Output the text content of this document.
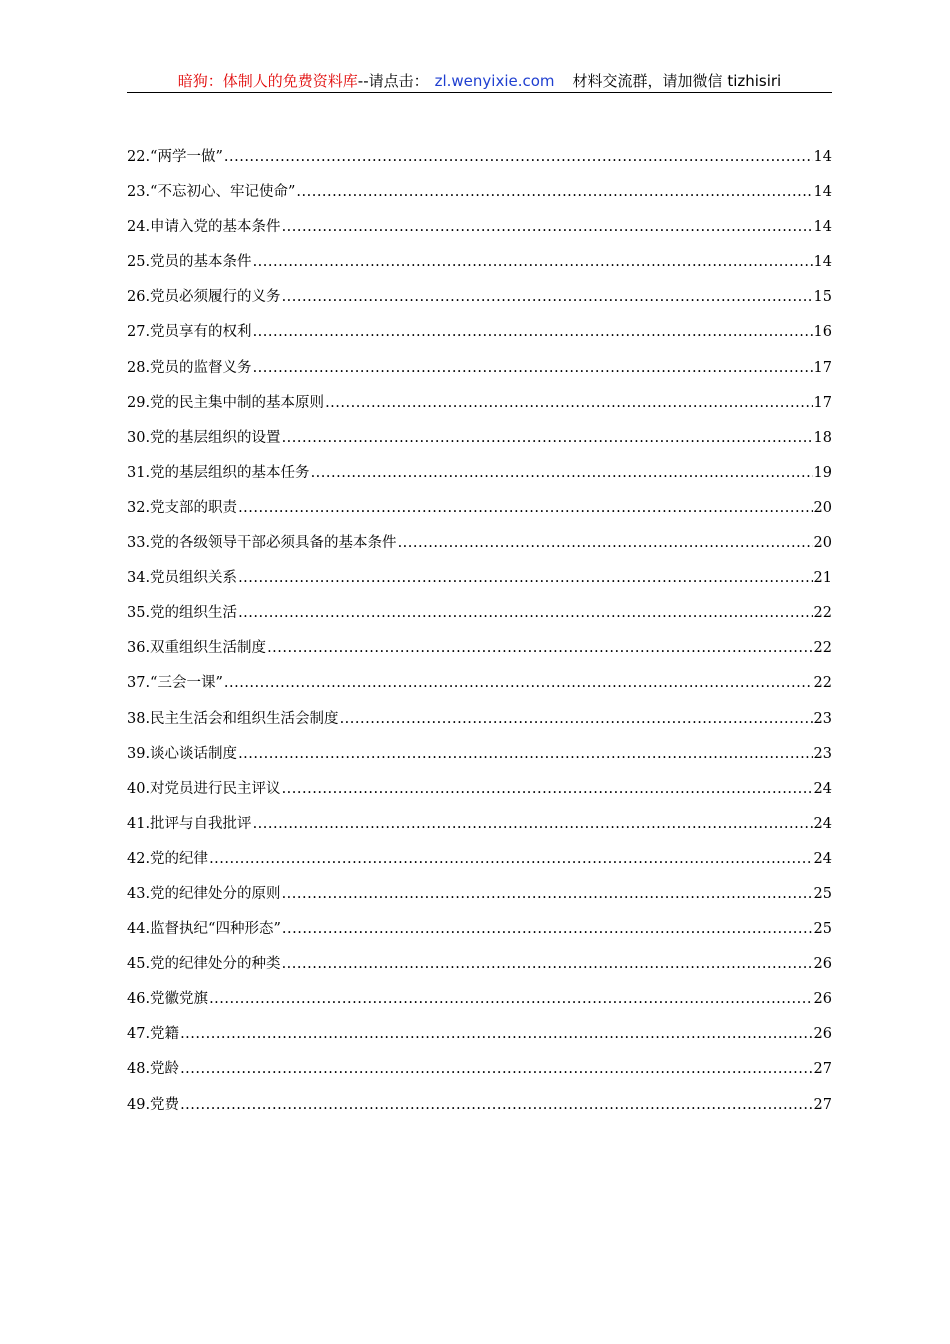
暗狗：体制人的免费资料库--请点击： zl.wenyixie.com 材料交流群，请加微信 tizhisiri
22.“两学一做” .....	14
23.“不忘初心、牢记使命” .....	14
24.申请入党的基本条件 .....	14
25.党员的基本条件 .....	14
26.党员必须履行的义务 .....	15
27.党员享有的权利 .....	16
28.党员的监督义务 .....	17
29.党的民主集中制的基本原则 .....	17
30.党的基层组织的设置 .....	18
31.党的基层组织的基本任务 .....	19
32.党支部的职责 .....	20
33.党的各级领导干部必须具备的基本条件 .....	20
34.党员组织关系 .....	21
35.党的组织生活 .....	22
36.双重组织生活制度 .....	22
37.“三会一课” .....	22
38.民主生活会和组织生活会制度 .....	23
39.谈心谈话制度 .....	23
40.对党员进行民主评议 .....	24
41.批评与自我批评 .....	24
42.党的纪律 .....	24
43.党的纪律处分的原则 .....	25
44.监督执纪“四种形态” .....	25
45.党的纪律处分的种类 .....	26
46.党徽党旗 .....	26
47.党籍 .....	26
48.党龄 .....	27
49.党费 .....	27
